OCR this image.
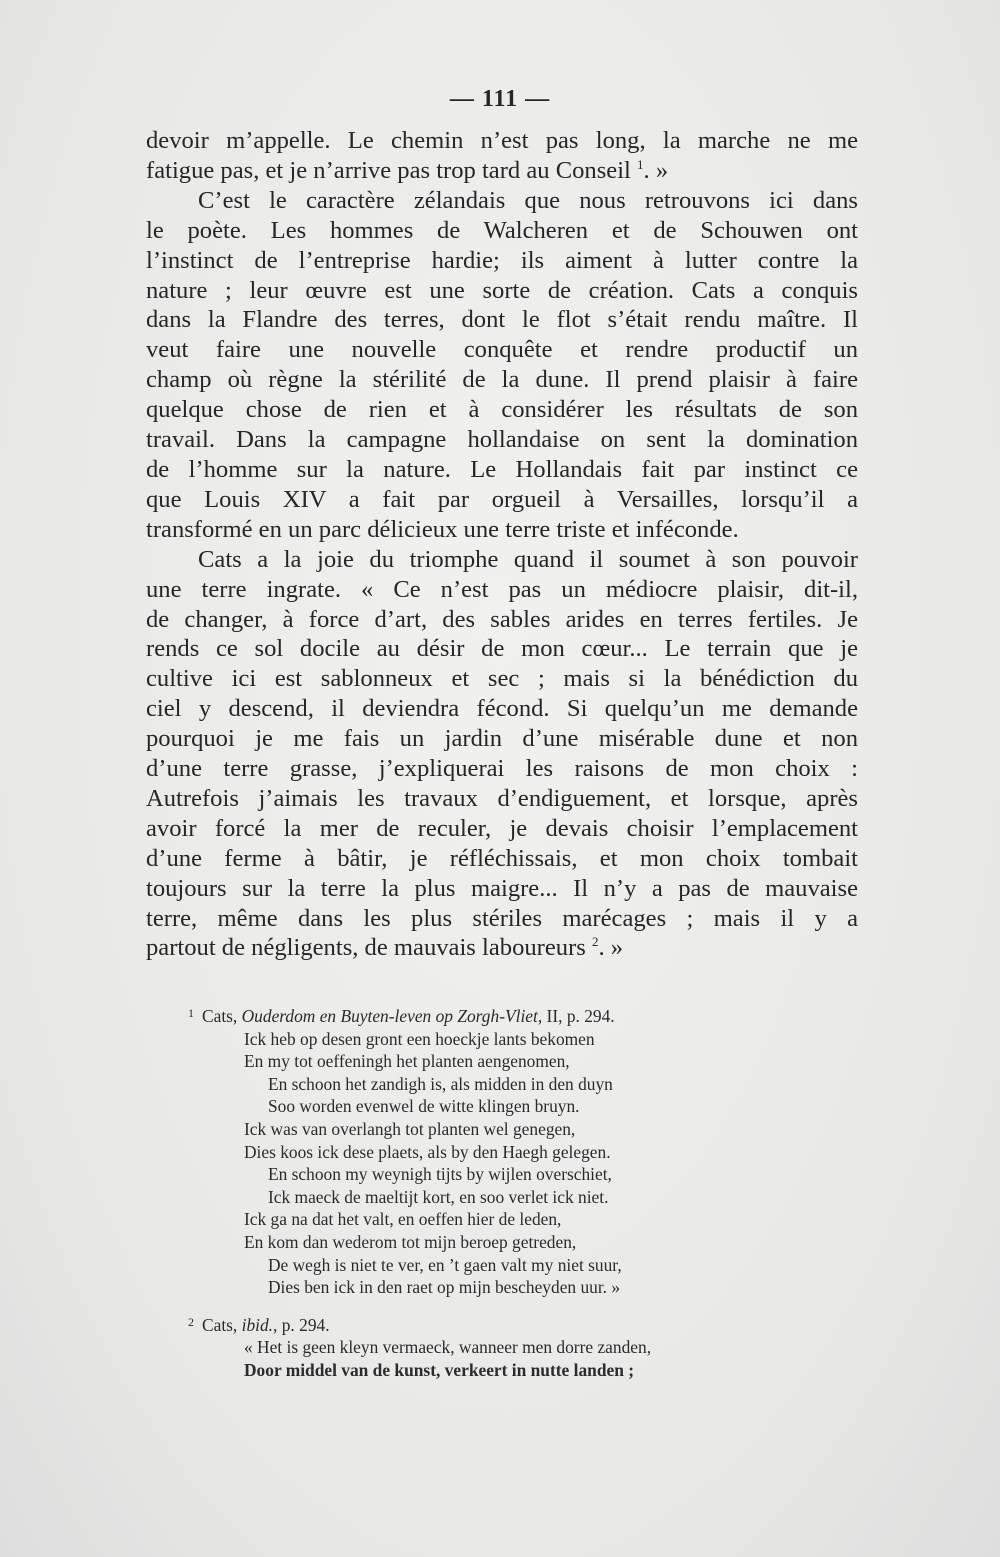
— 111 —
devoir m’appelle. Le chemin n’est pas long, la marche ne me
fatigue pas, et je n’arrive pas trop tard au Conseil $^1$. »
C’est le caractère zélandais que nous retrouvons ici dans
le poète. Les hommes de Walcheren et de Schouwen ont
l’instinct de l’entreprise hardie; ils aiment à lutter contre la
nature ; leur œuvre est une sorte de création. Cats a conquis
dans la Flandre des terres, dont le flot s’était rendu maître. Il
veut faire une nouvelle conquête et rendre productif un
champ où règne la stérilité de la dune. Il prend plaisir à faire
quelque chose de rien et à considérer les résultats de son
travail. Dans la campagne hollandaise on sent la domination
de l’homme sur la nature. Le Hollandais fait par instinct ce
que Louis XIV a fait par orgueil à Versailles, lorsqu’il a
transformé en un parc délicieux une terre triste et inféconde.
Cats a la joie du triomphe quand il soumet à son pouvoir
une terre ingrate. « Ce n’est pas un médiocre plaisir, dit-il,
de changer, à force d’art, des sables arides en terres fertiles. Je
rends ce sol docile au désir de mon cœur... Le terrain que je
cultive ici est sablonneux et sec ; mais si la bénédiction du
ciel y descend, il deviendra fécond. Si quelqu’un me demande
pourquoi je me fais un jardin d’une misérable dune et non
d’une terre grasse, j’expliquerai les raisons de mon choix :
Autrefois j’aimais les travaux d’endiguement, et lorsque, après
avoir forcé la mer de reculer, je devais choisir l’emplacement
d’une ferme à bâtir, je réfléchissais, et mon choix tombait
toujours sur la terre la plus maigre... Il n’y a pas de mauvaise
terre, même dans les plus stériles marécages ; mais il y a
partout de négligents, de mauvais laboureurs $^2$. »
1 Cats, Ouderdom en Buyten-leven op Zorgh-Vliet, II, p. 294.
Ick heb op desen gront een hoeckje lants bekomen
En my tot oeffeningh het planten aengenomen,
En schoon het zandigh is, als midden in den duyn
Soo worden evenwel de witte klingen bruyn.
Ick was van overlangh tot planten wel genegen,
Dies koos ick dese plaets, als by den Haegh gelegen.
En schoon my weynigh tijts by wijlen overschiet,
Ick maeck de maeltijt kort, en soo verlet ick niet.
Ick ga na dat het valt, en oeffen hier de leden,
En kom dan wederom tot mijn beroep getreden,
De wegh is niet te ver, en ’t gaen valt my niet suur,
Dies ben ick in den raet op mijn bescheyden uur. »
2 Cats, ibid., p. 294.
« Het is geen kleyn vermaeck, wanneer men dorre zanden,
Door middel van de kunst, verkeert in nutte landen ;
